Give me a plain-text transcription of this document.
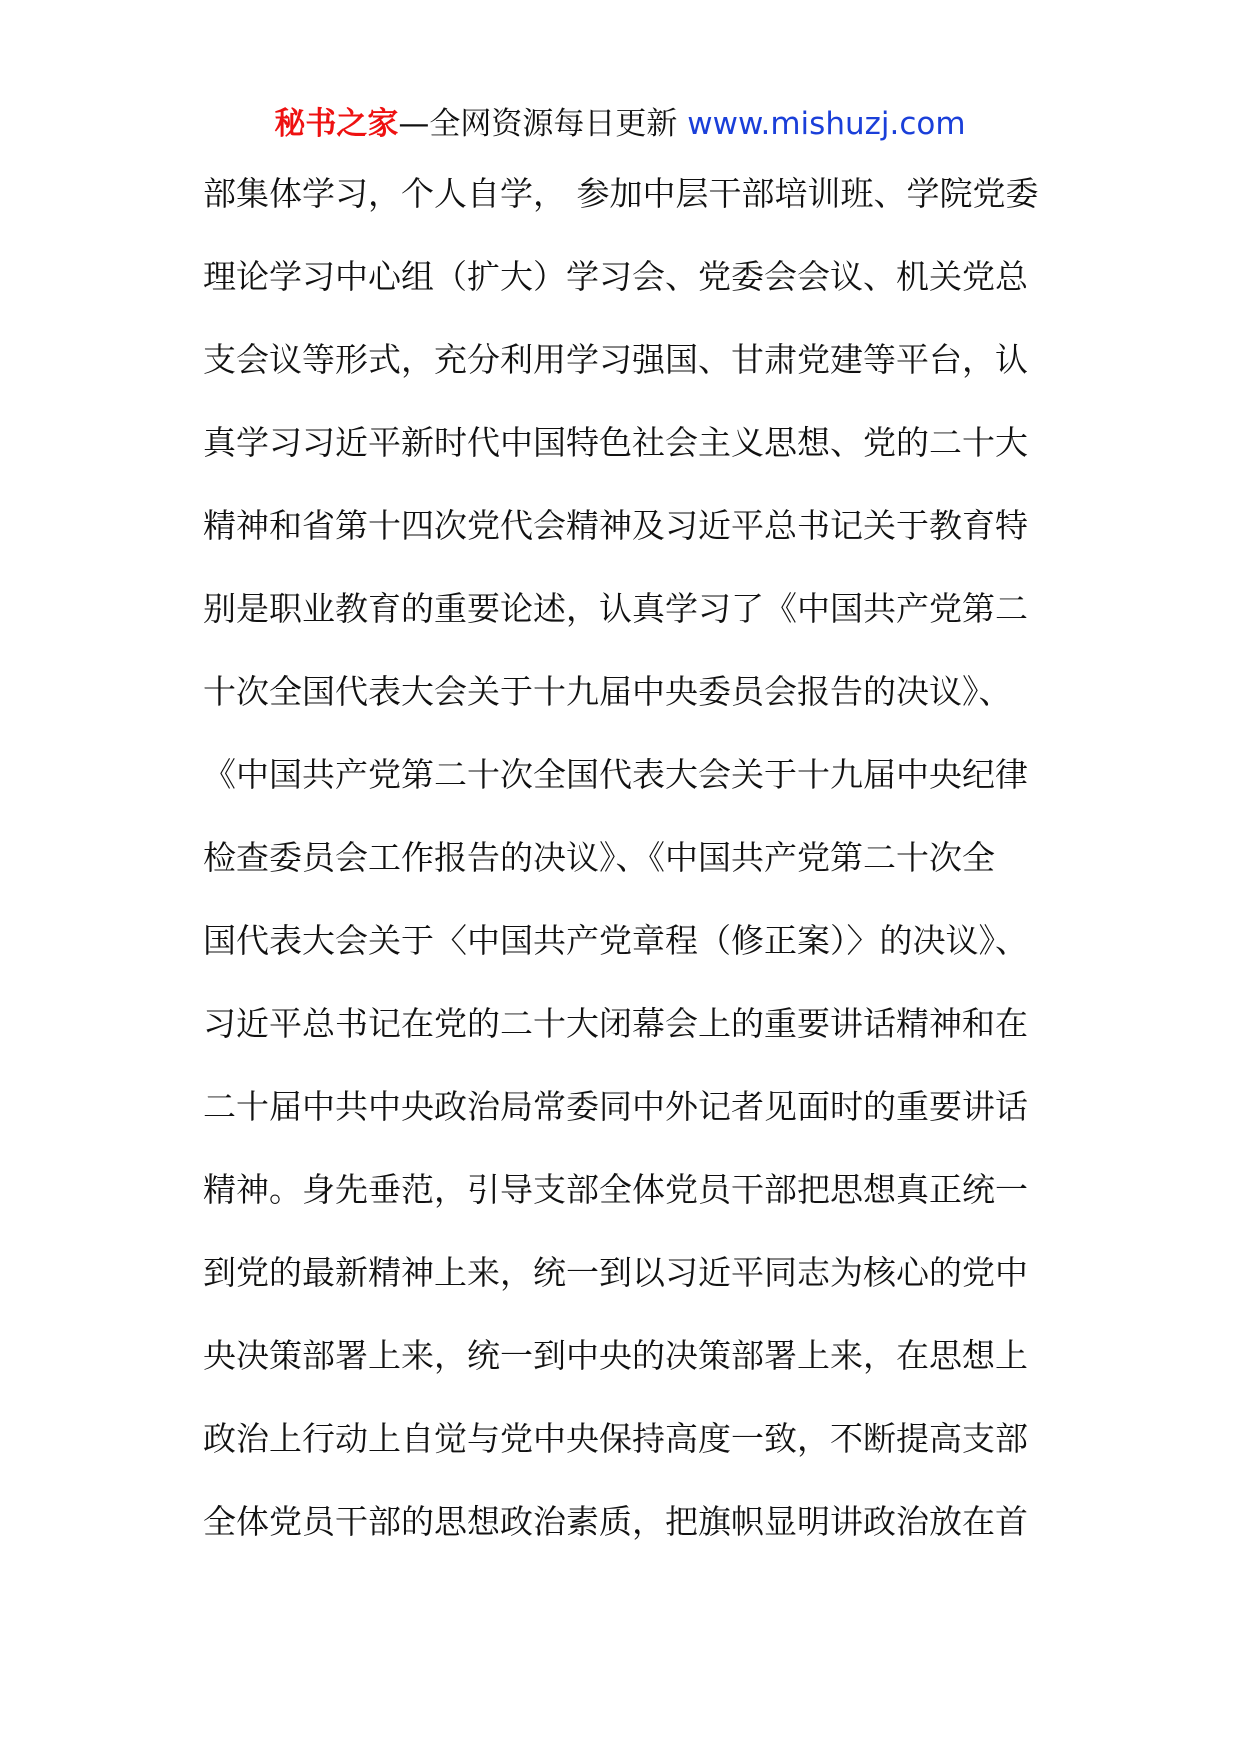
秘书之家—全网资源每日更新 www.mishuzj.com
部集体学习，个人自学， 参加中层干部培训班、学院党委
理论学习中心组（扩大）学习会、党委会会议、机关党总
支会议等形式，充分利用学习强国、甘肃党建等平台，认
真学习习近平新时代中国特色社会主义思想、党的二十大
精神和省第十四次党代会精神及习近平总书记关于教育特
别是职业教育的重要论述，认真学习了《中国共产党第二
十次全国代表大会关于十九届中央委员会报告的决议》、
《中国共产党第二十次全国代表大会关于十九届中央纪律
检查委员会工作报告的决议》、《中国共产党第二十次全
国代表大会关于〈中国共产党章程（修正案）〉的决议》、
习近平总书记在党的二十大闭幕会上的重要讲话精神和在
二十届中共中央政治局常委同中外记者见面时的重要讲话
精神。身先垂范，引导支部全体党员干部把思想真正统一
到党的最新精神上来，统一到以习近平同志为核心的党中
央决策部署上来，统一到中央的决策部署上来，在思想上
政治上行动上自觉与党中央保持高度一致，不断提高支部
全体党员干部的思想政治素质，把旗帜显明讲政治放在首
